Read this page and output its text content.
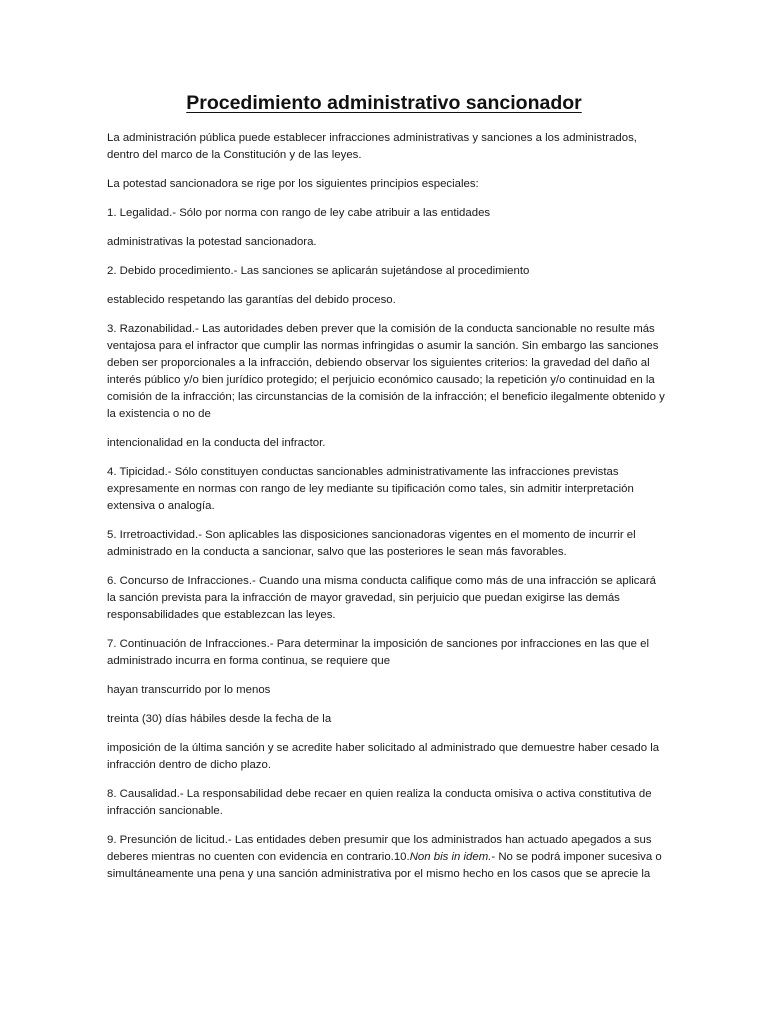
Procedimiento administrativo sancionador

La administración pública puede establecer infracciones administrativas y sanciones a los administrados, dentro del marco de la Constitución y de las leyes.

La potestad sancionadora se rige por los siguientes principios especiales:

1. Legalidad.- Sólo por norma con rango de ley cabe atribuir a las entidades

administrativas la potestad sancionadora.

2. Debido procedimiento.- Las sanciones se aplicarán sujetándose al procedimiento

establecido respetando las garantías del debido proceso.

3. Razonabilidad.- Las autoridades deben prever que la comisión de la conducta sancionable no resulte más ventajosa para el infractor que cumplir las normas infringidas o asumir la sanción. Sin embargo las sanciones deben ser proporcionales a la infracción, debiendo observar los siguientes criterios: la gravedad del daño al interés público y/o bien jurídico protegido; el perjuicio económico causado; la repetición y/o continuidad en la comisión de la infracción; las circunstancias de la comisión de la infracción; el beneficio ilegalmente obtenido y la existencia o no de

intencionalidad en la conducta del infractor.

4. Tipicidad.- Sólo constituyen conductas sancionables administrativamente las infracciones previstas expresamente en normas con rango de ley mediante su tipificación como tales, sin admitir interpretación extensiva o analogía.

5. Irretroactividad.- Son aplicables las disposiciones sancionadoras vigentes en el momento de incurrir el administrado en la conducta a sancionar, salvo que las posteriores le sean más favorables.

6. Concurso de Infracciones.- Cuando una misma conducta califique como más de una infracción se aplicará la sanción prevista para la infracción de mayor gravedad, sin perjuicio que puedan exigirse las demás responsabilidades que establezcan las leyes.

7. Continuación de Infracciones.- Para determinar la imposición de sanciones por infracciones en las que el administrado incurra en forma continua, se requiere que

hayan transcurrido por lo menos

treinta (30) días hábiles desde la fecha de la

imposición de la última sanción y se acredite haber solicitado al administrado que demuestre haber cesado la infracción dentro de dicho plazo.

8. Causalidad.- La responsabilidad debe recaer en quien realiza la conducta omisiva o activa constitutiva de infracción sancionable.

9. Presunción de licitud.- Las entidades deben presumir que los administrados han actuado apegados a sus deberes mientras no cuenten con evidencia en contrario.10.Non bis in idem.- No se podrá imponer sucesiva o simultáneamente una pena y una sanción administrativa por el mismo hecho en los casos que se aprecie la
